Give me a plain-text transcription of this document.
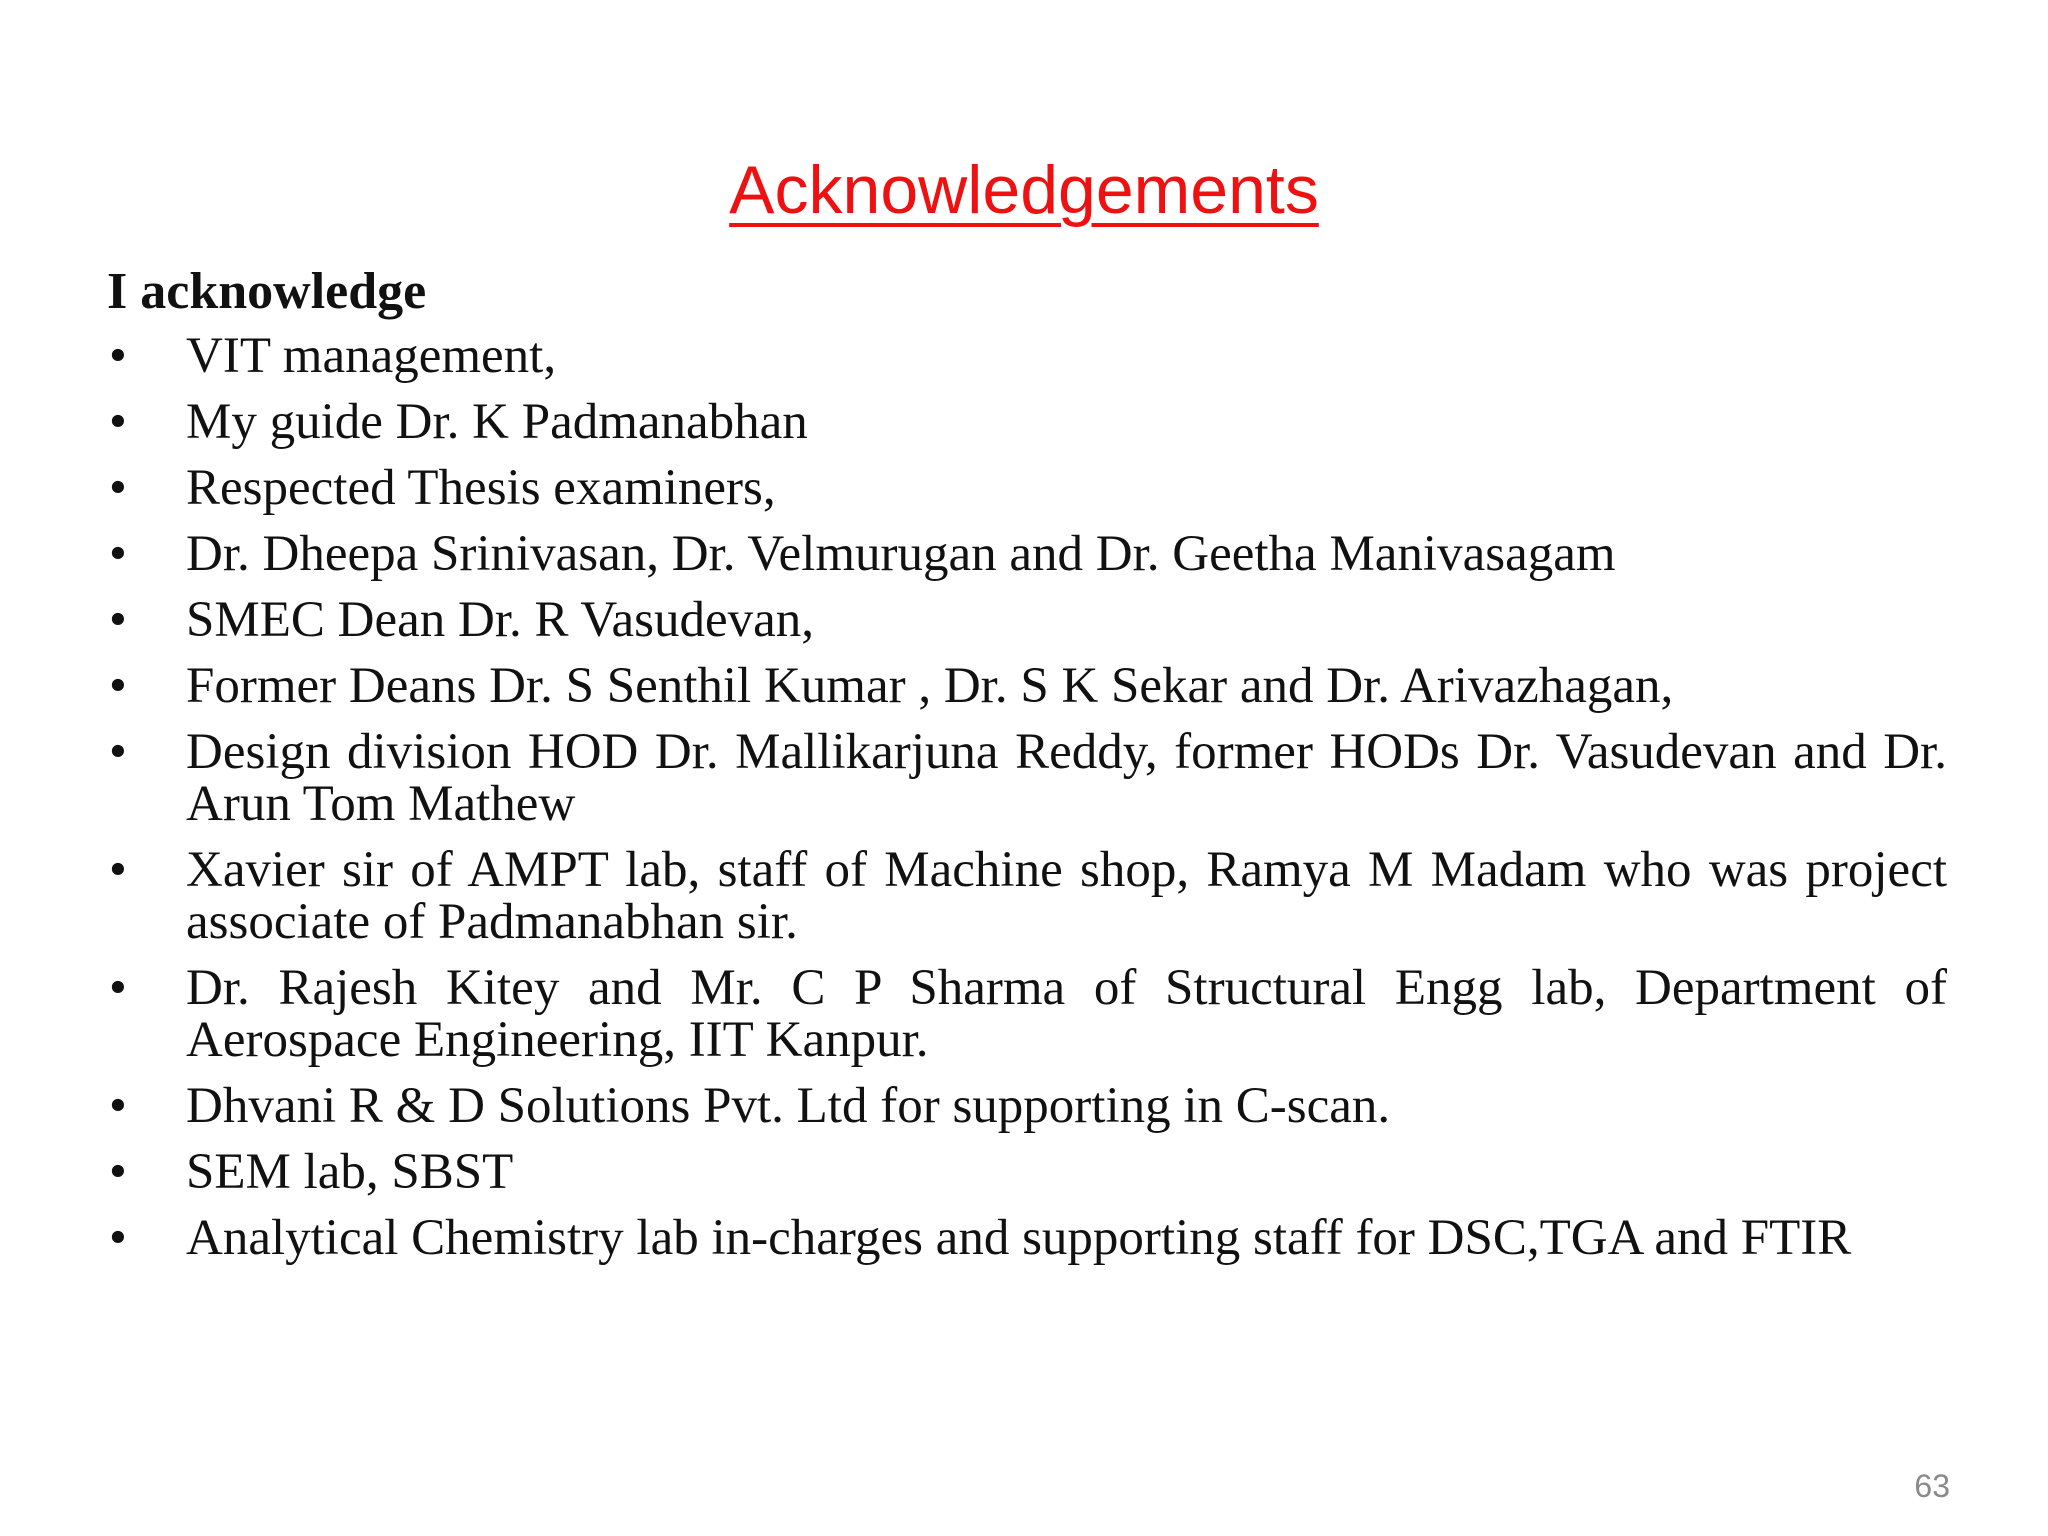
Acknowledgements

I acknowledge

• VIT management,
• My guide Dr. K Padmanabhan
• Respected Thesis examiners,
• Dr. Dheepa Srinivasan, Dr. Velmurugan and Dr. Geetha Manivasagam
• SMEC Dean Dr. R Vasudevan,
• Former Deans Dr. S Senthil Kumar , Dr. S K Sekar and Dr. Arivazhagan,
• Design division HOD Dr. Mallikarjuna Reddy, former HODs Dr. Vasudevan and Dr. Arun Tom Mathew
• Xavier sir of AMPT lab, staff of Machine shop, Ramya M Madam who was project associate of Padmanabhan sir.
• Dr. Rajesh Kitey and Mr. C P Sharma of Structural Engg lab, Department of Aerospace Engineering, IIT Kanpur.
• Dhvani R & D Solutions Pvt. Ltd for supporting in C-scan.
• SEM lab, SBST
• Analytical Chemistry lab in-charges and supporting staff for DSC,TGA and FTIR
63
